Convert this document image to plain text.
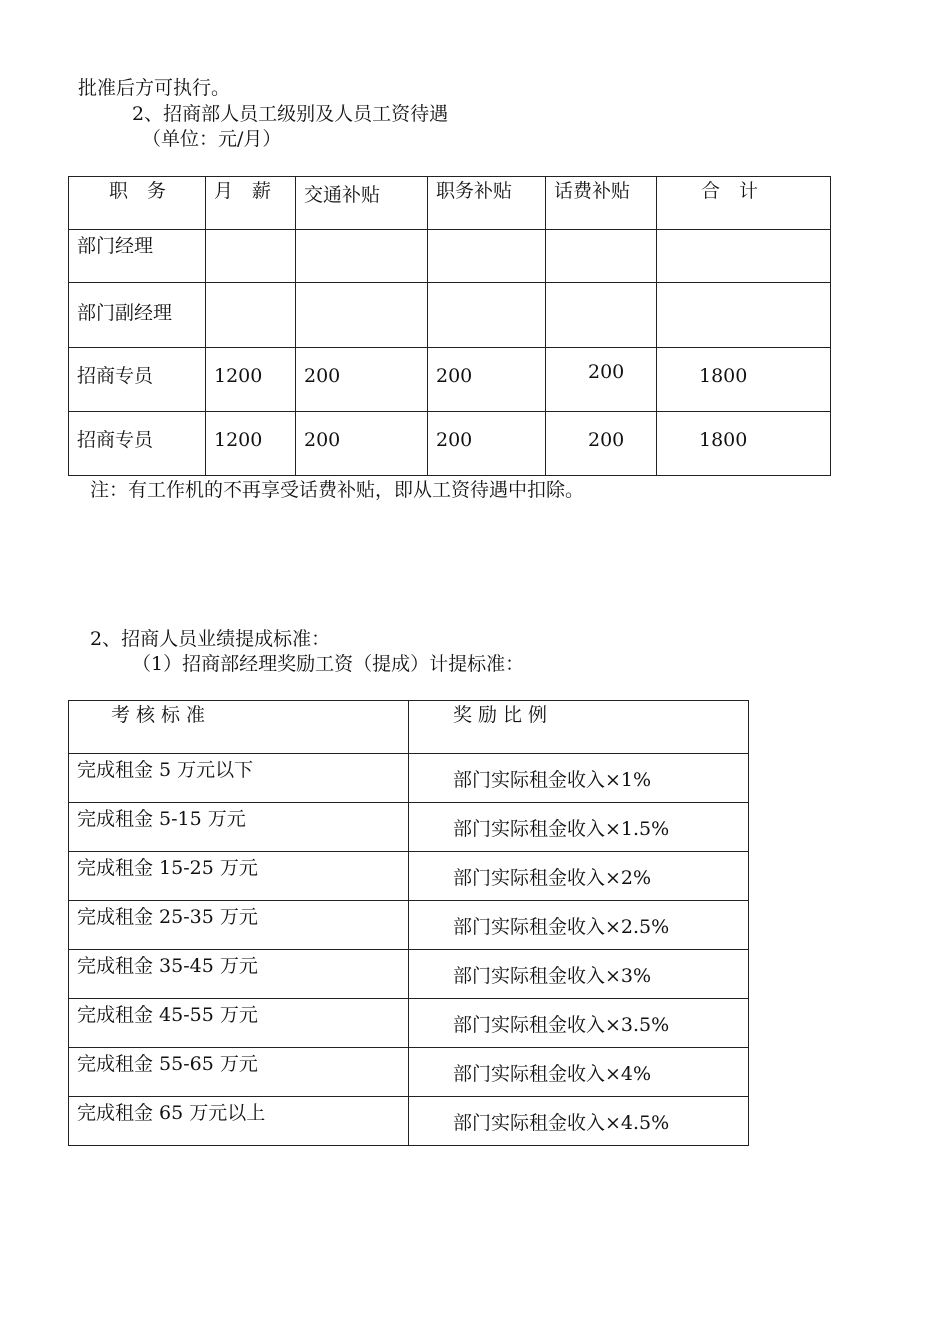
批准后方可执行。
2、招商部人员工级别及人员工资待遇
（单位：元/月）
职　务	月　薪	交通补贴	职务补贴	话费补贴	合　计

部门经理					

部门副经理					

招商专员	1200	200	200	200	1800

招商专员	1200	200	200	200	1800
注：有工作机的不再享受话费补贴，即从工资待遇中扣除。
2、招商人员业绩提成标准：
（1）招商部经理奖励工资（提成）计提标准：
考核标准	奖励比例

完成租金 5 万元以下	部门实际租金收入×1%

完成租金 5-15 万元	部门实际租金收入×1.5%

完成租金 15-25 万元	部门实际租金收入×2%

完成租金 25-35 万元	部门实际租金收入×2.5%

完成租金 35-45 万元	部门实际租金收入×3%

完成租金 45-55 万元	部门实际租金收入×3.5%

完成租金 55-65 万元	部门实际租金收入×4%

完成租金 65 万元以上	部门实际租金收入×4.5%
